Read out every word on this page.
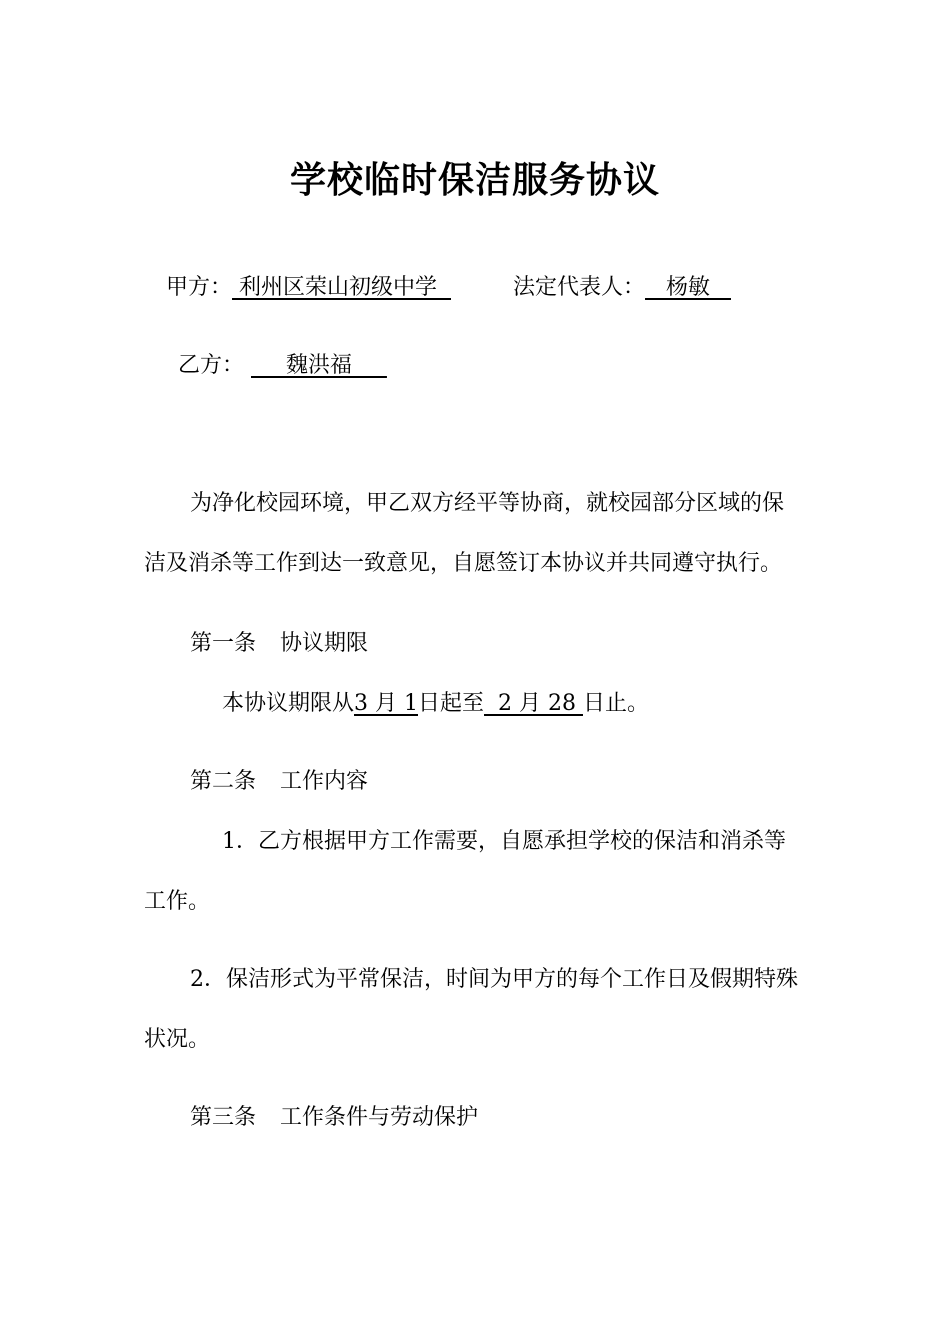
学校临时保洁服务协议
甲方： 利州区荣山初级中学	法定代表人：   杨敏
乙方：      魏洪福
为净化校园环境，甲乙双方经平等协商，就校园部分区域的保
洁及消杀等工作到达一致意见，自愿签订本协议并共同遵守执行。
第一条 协议期限
本协议期限从3 月 1日起至  2 月 28 日止。
第二条 工作内容
1．乙方根据甲方工作需要，自愿承担学校的保洁和消杀等
工作。
2．保洁形式为平常保洁，时间为甲方的每个工作日及假期特殊
状况。
第三条 工作条件与劳动保护
